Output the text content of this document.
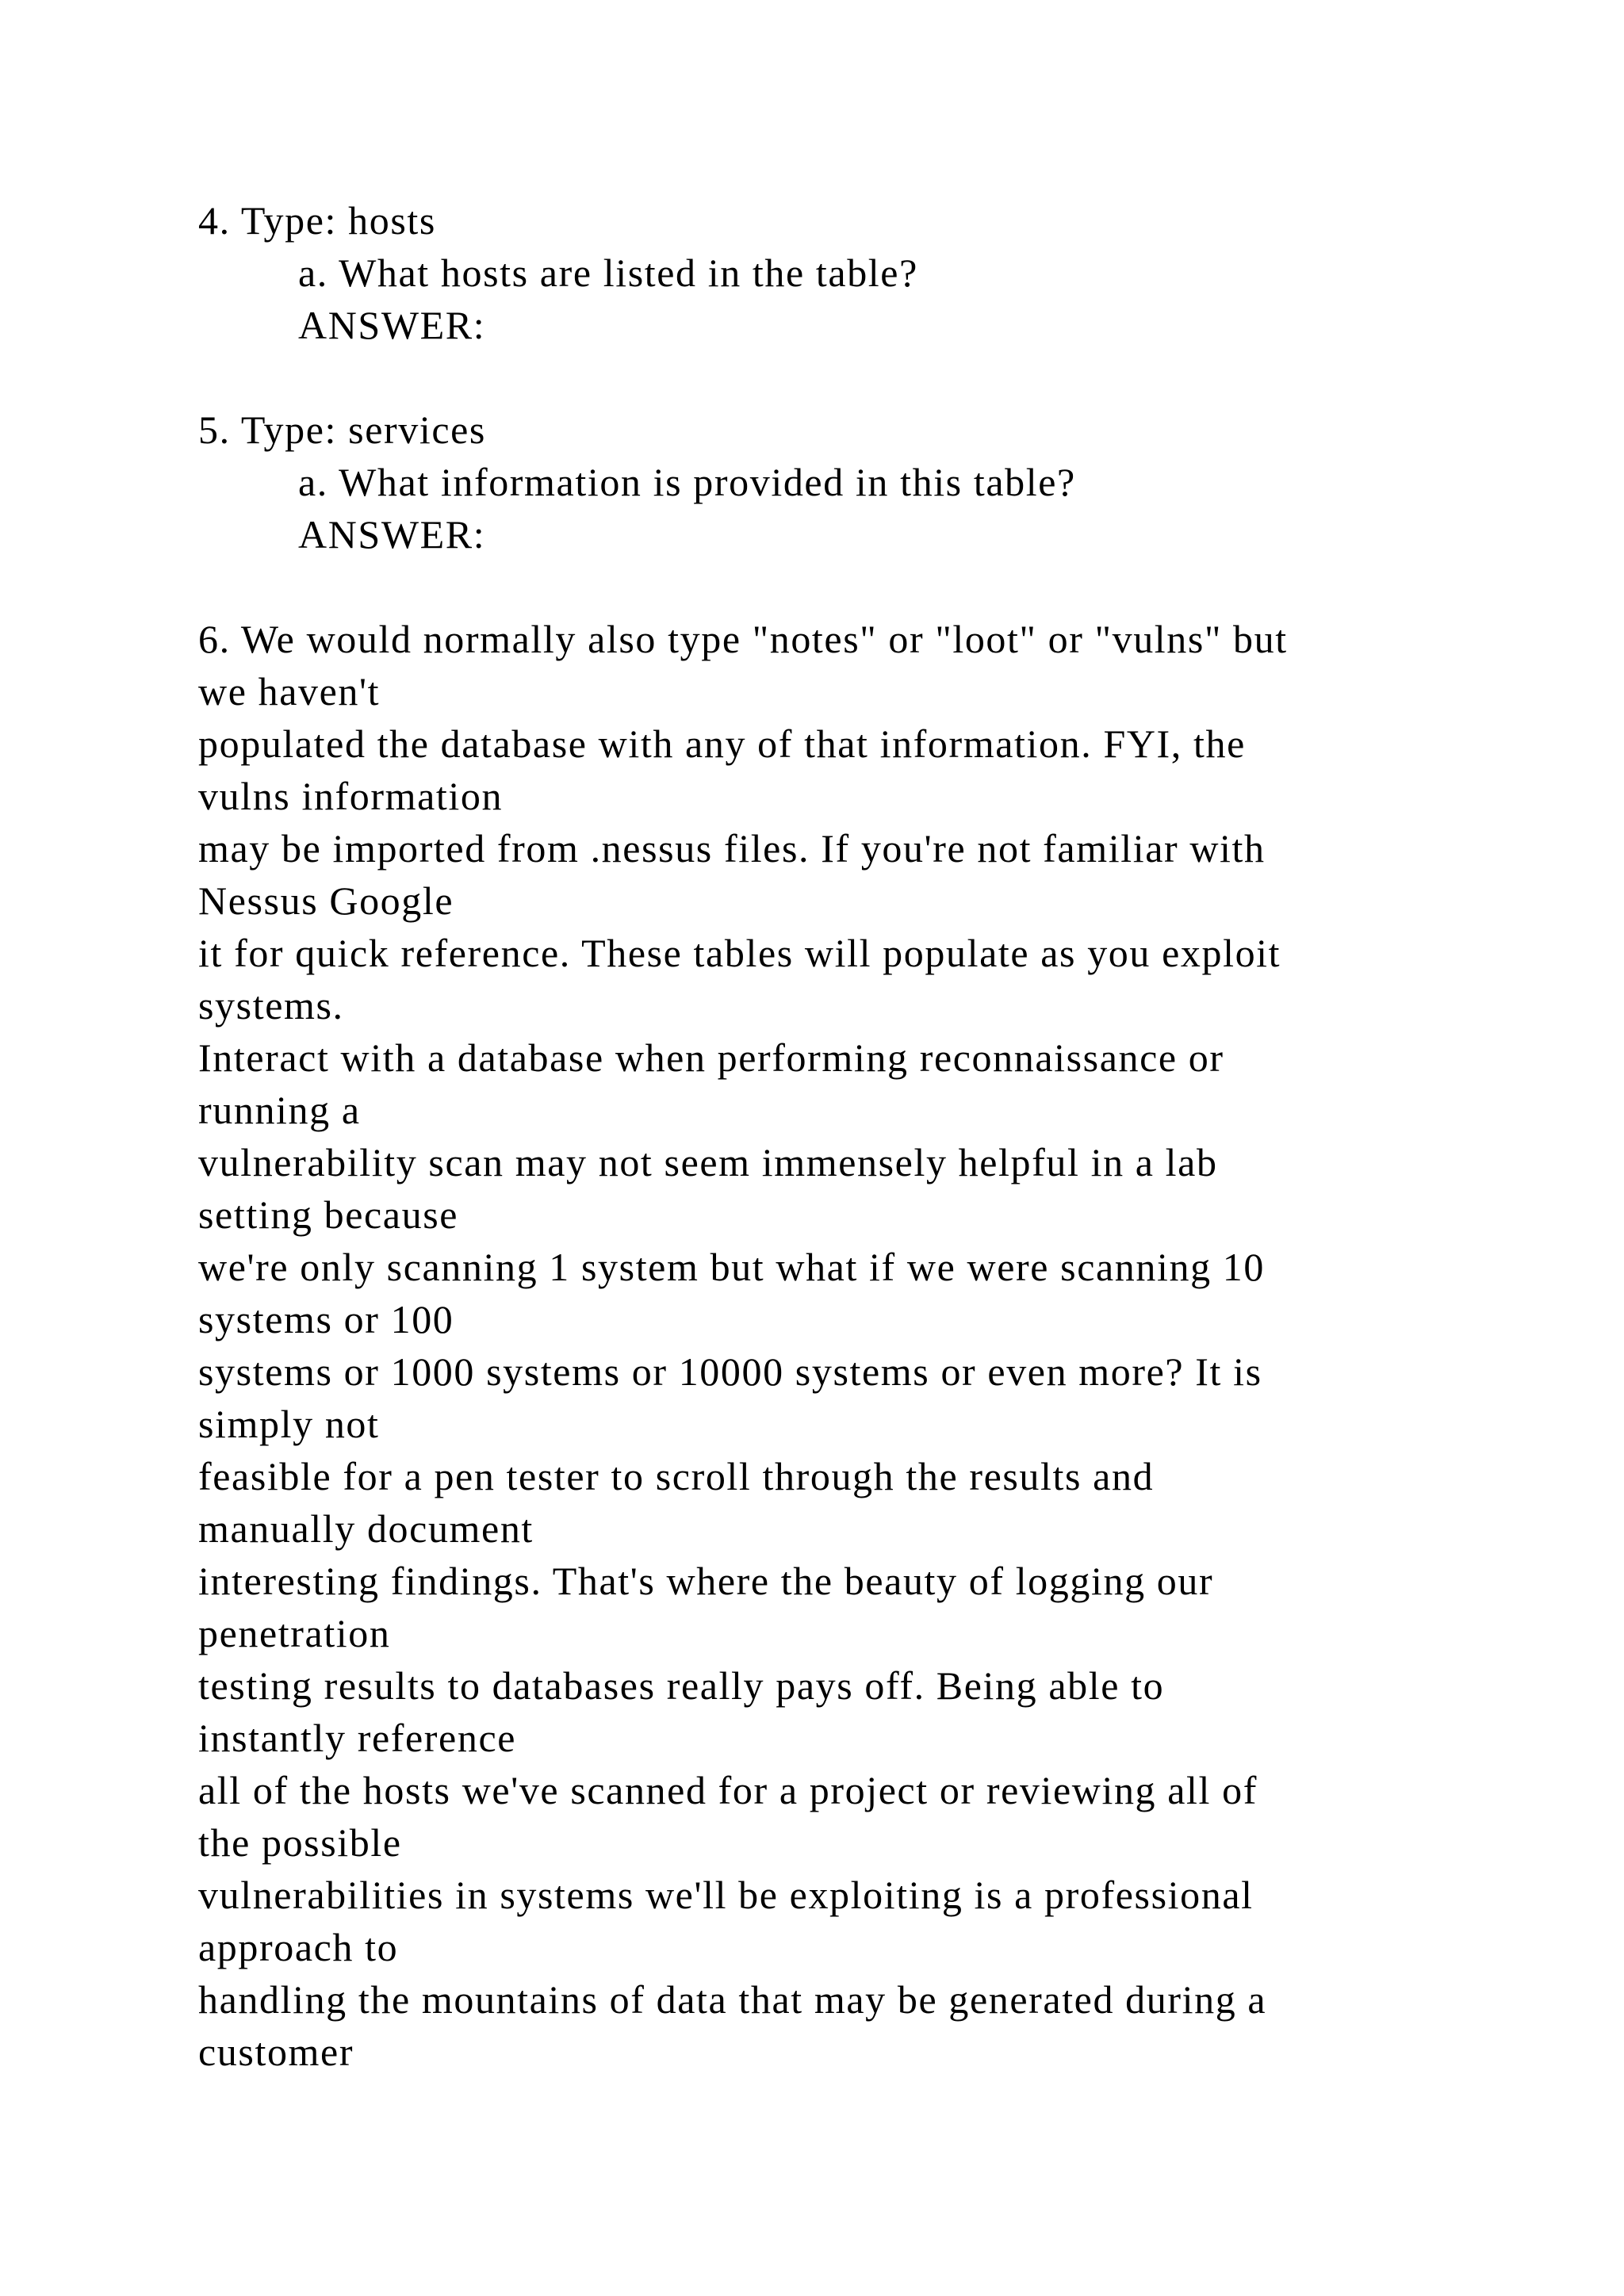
4. Type: hosts
a. What hosts are listed in the table?
ANSWER:
5. Type: services
a. What information is provided in this table?
ANSWER:
6. We would normally also type "notes" or "loot" or "vulns" but
we haven't
populated the database with any of that information. FYI, the
vulns information
may be imported from .nessus files. If you're not familiar with
Nessus Google
it for quick reference. These tables will populate as you exploit
systems.
Interact with a database when performing reconnaissance or
running a
vulnerability scan may not seem immensely helpful in a lab
setting because
we're only scanning 1 system but what if we were scanning 10
systems or 100
systems or 1000 systems or 10000 systems or even more? It is
simply not
feasible for a pen tester to scroll through the results and
manually document
interesting findings. That's where the beauty of logging our
penetration
testing results to databases really pays off. Being able to
instantly reference
all of the hosts we've scanned for a project or reviewing all of
the possible
vulnerabilities in systems we'll be exploiting is a professional
approach to
handling the mountains of data that may be generated during a
customer
